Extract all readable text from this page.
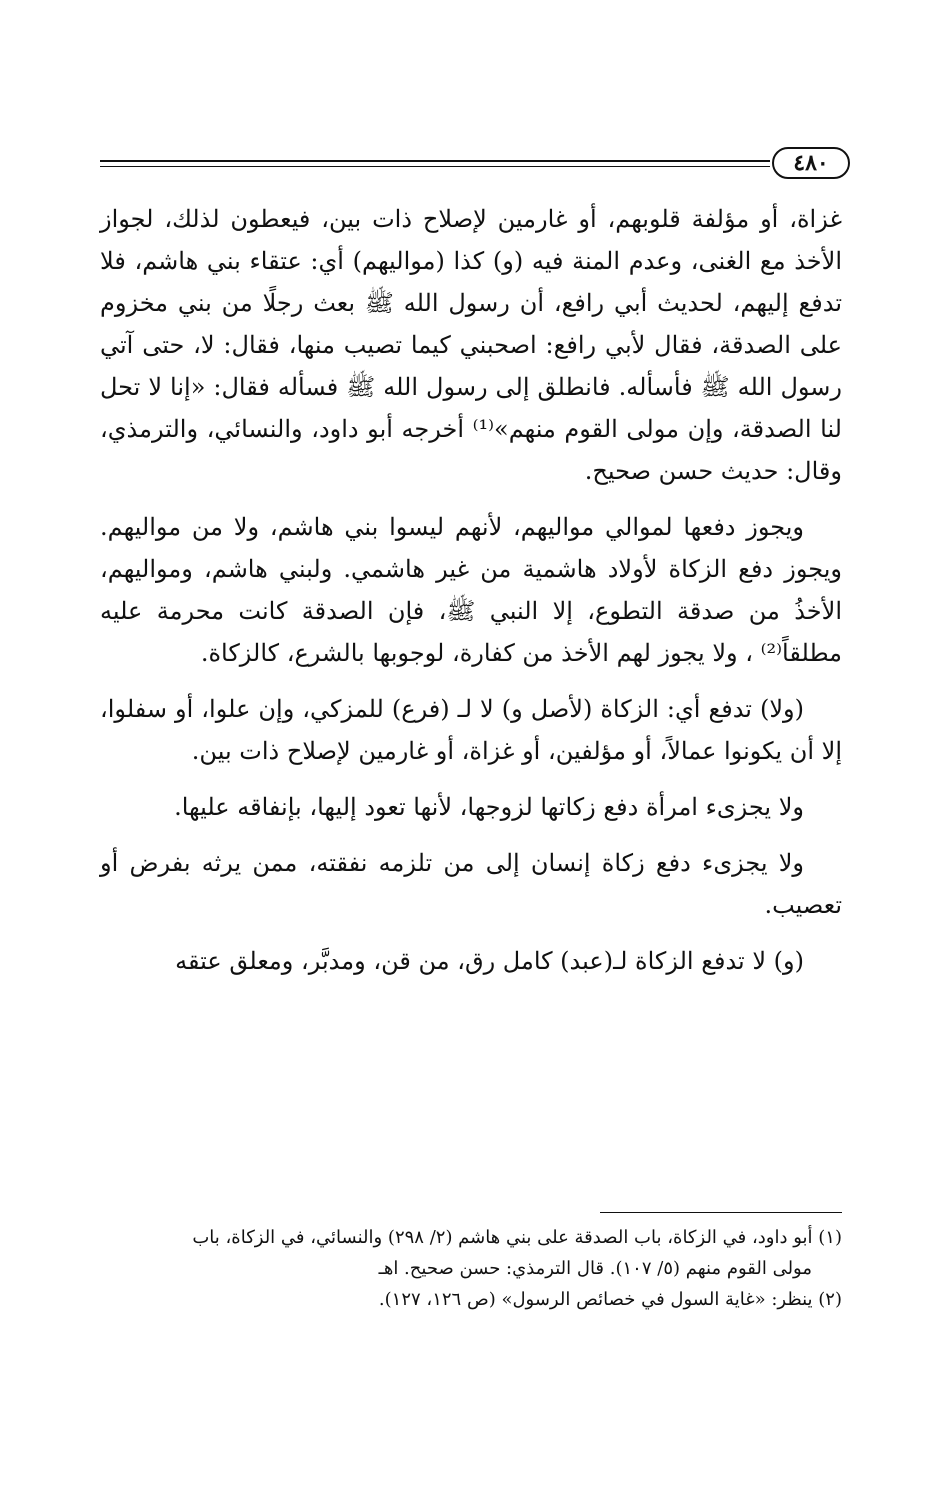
٤٨٠

غزاة، أو مؤلفة قلوبهم، أو غارمين لإصلاح ذات بين، فيعطون لذلك، لجواز الأخذ مع الغنى، وعدم المنة فيه (و) كذا (مواليهم) أي: عتقاء بني هاشم، فلا تدفع إليهم، لحديث أبي رافع، أن رسول الله ﷺ بعث رجلًا من بني مخزوم على الصدقة، فقال لأبي رافع: اصحبني كيما تصيب منها، فقال: لا، حتى آتي رسول الله ﷺ فأسأله. فانطلق إلى رسول الله ﷺ فسأله فقال: «إنا لا تحل لنا الصدقة، وإن مولى القوم منهم»⁽¹⁾ أخرجه أبو داود، والنسائي، والترمذي، وقال: حديث حسن صحيح.

ويجوز دفعها لموالي مواليهم، لأنهم ليسوا بني هاشم، ولا من مواليهم. ويجوز دفع الزكاة لأولاد هاشمية من غير هاشمي. ولبني هاشم، ومواليهم، الأخذُ من صدقة التطوع، إلا النبي ﷺ، فإن الصدقة كانت محرمة عليه مطلقاً⁽²⁾ ، ولا يجوز لهم الأخذ من كفارة، لوجوبها بالشرع، كالزكاة.

(ولا) تدفع أي: الزكاة (لأصل و) لا لـ (فرع) للمزكي، وإن علوا، أو سفلوا، إلا أن يكونوا عمالاً، أو مؤلفين، أو غزاة، أو غارمين لإصلاح ذات بين.

ولا يجزىء امرأة دفع زكاتها لزوجها، لأنها تعود إليها، بإنفاقه عليها.

ولا يجزىء دفع زكاة إنسان إلى من تلزمه نفقته، ممن يرثه بفرض أو تعصيب.

(و) لا تدفع الزكاة لـ(عبد) كامل رق، من قن، ومدبَّر، ومعلق عتقه

(١) أبو داود، في الزكاة، باب الصدقة على بني هاشم (٢/ ٢٩٨) والنسائي، في الزكاة، باب

مولى القوم منهم (٥/ ١٠٧). قال الترمذي: حسن صحيح. اهـ

(٢) ينظر: «غاية السول في خصائص الرسول» (ص ١٢٦، ١٢٧).
